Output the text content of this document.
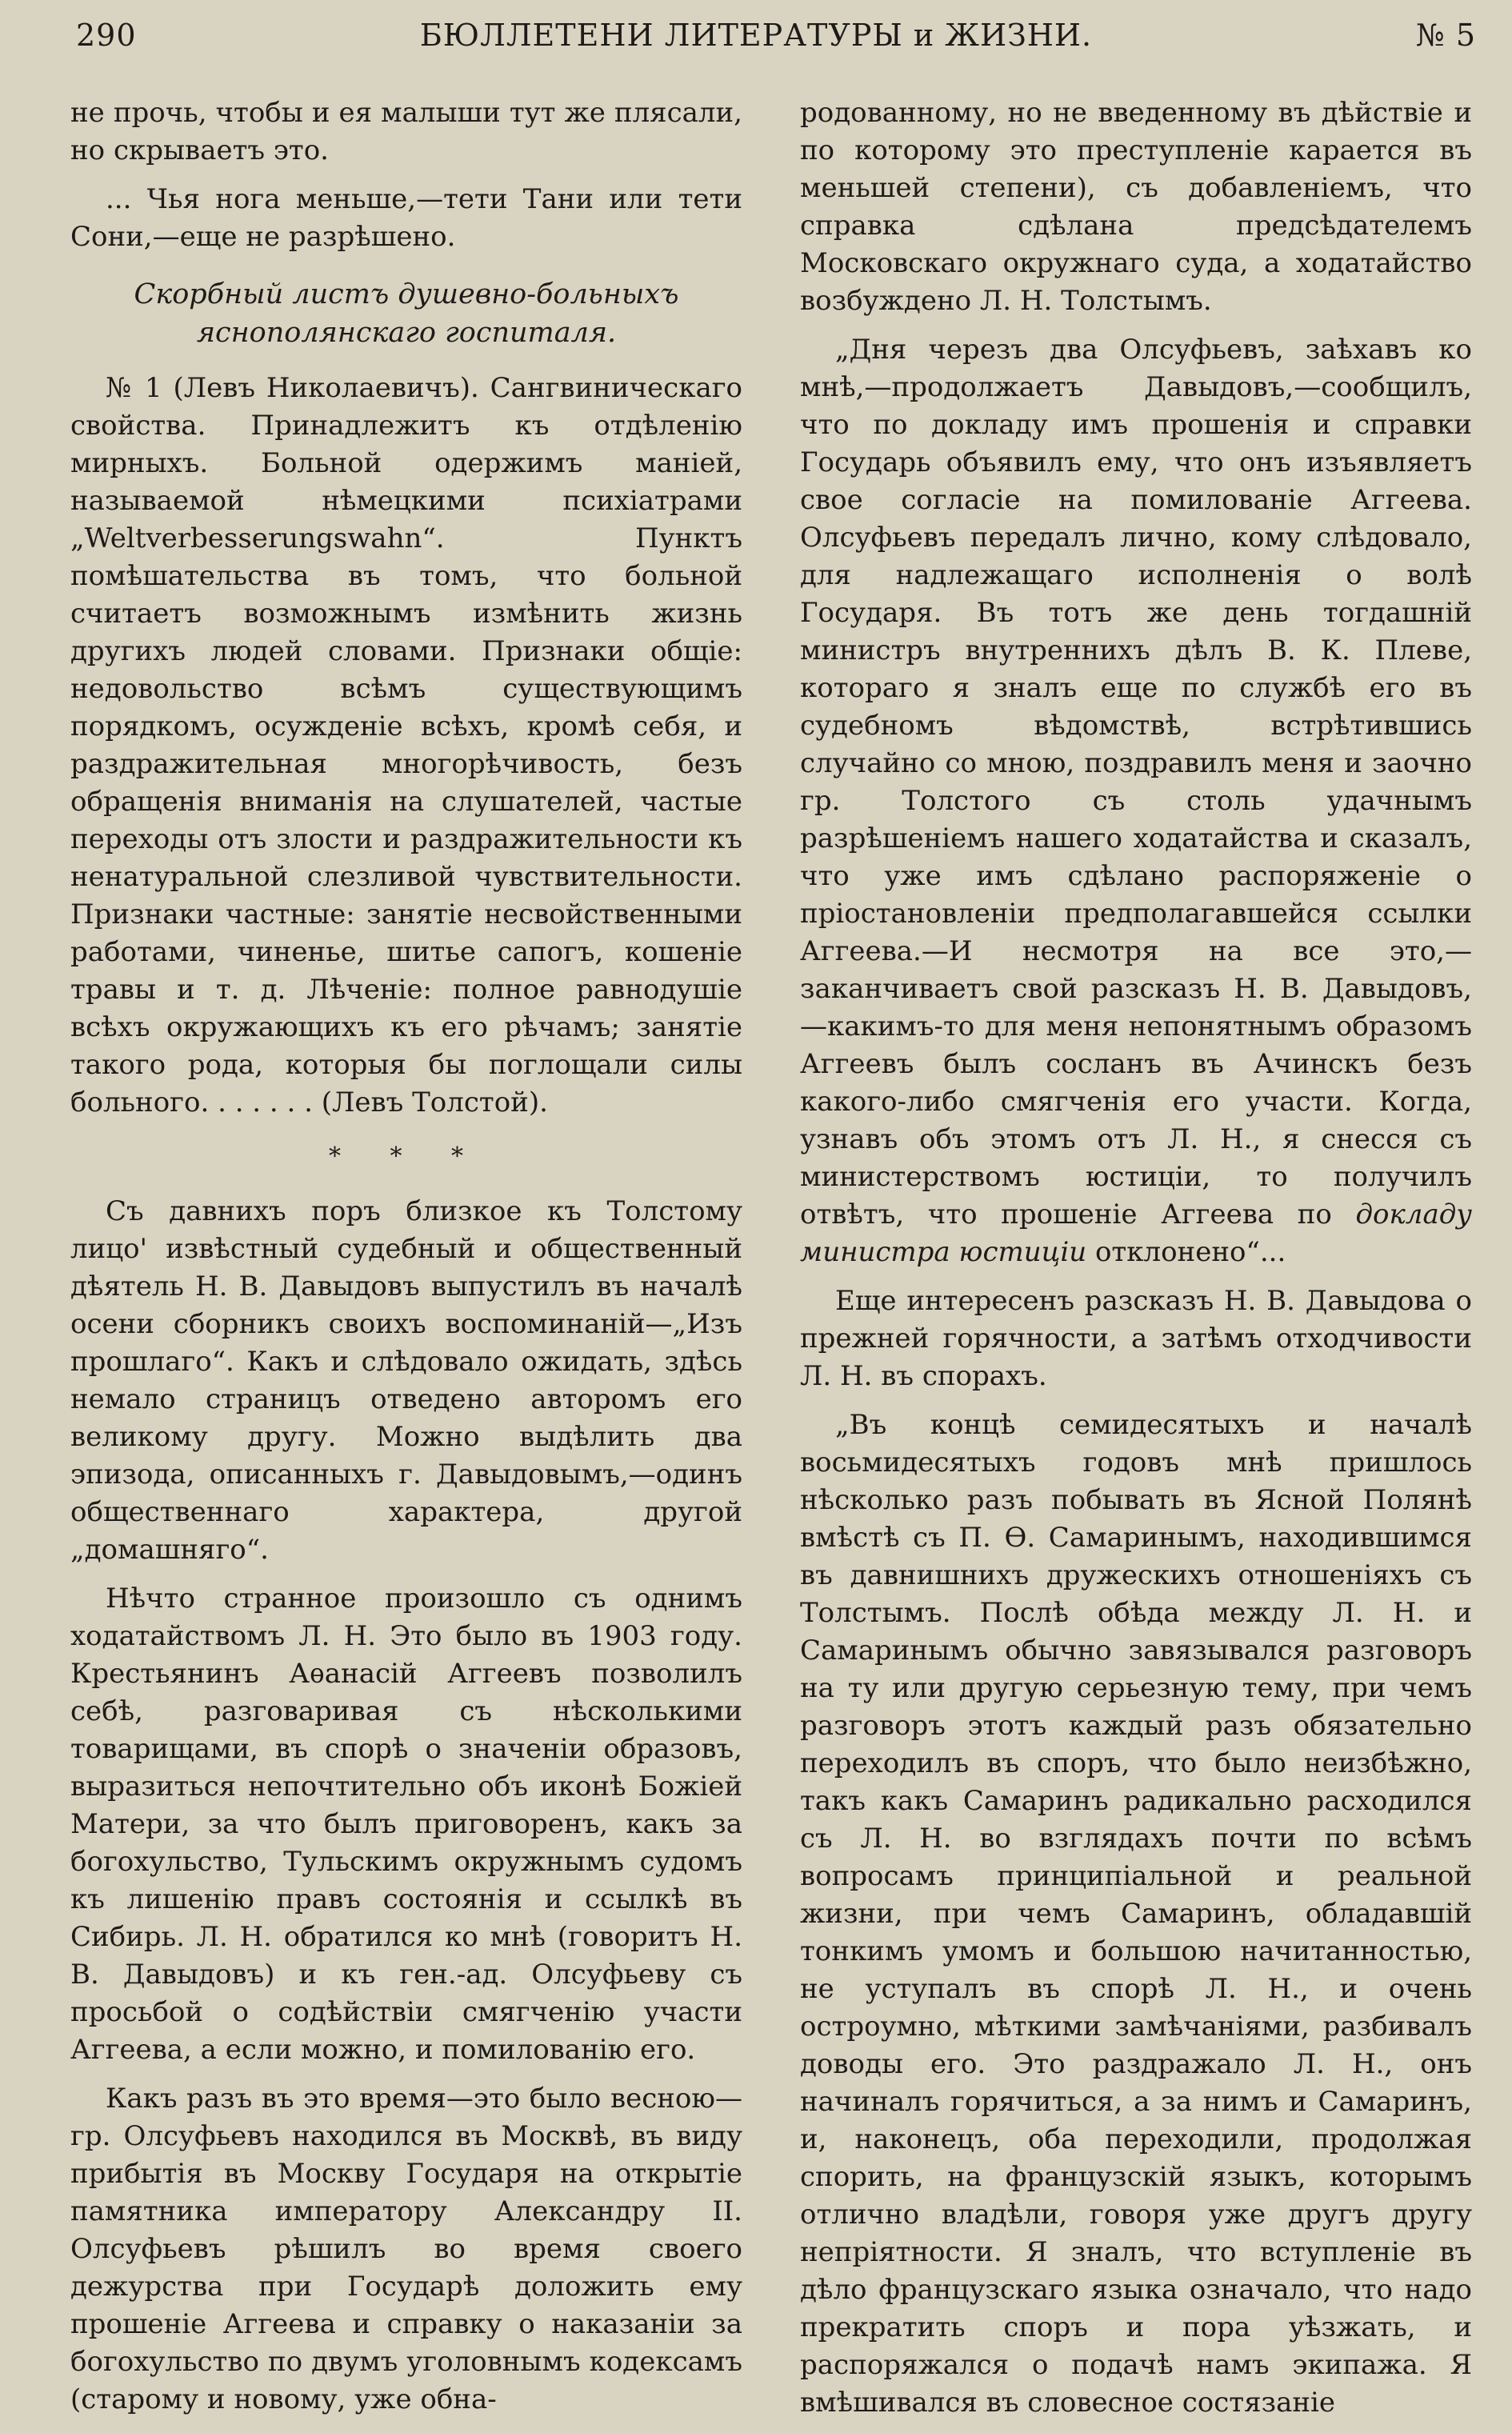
290	БЮЛЛЕТЕНИ ЛИТЕРАТУРЫ и ЖИЗНИ.	№ 5

не прочь, чтобы и ея малыши тут же плясали, но скрываетъ это.

... Чья нога меньше,—тети Тани или тети Сони,—еще не разрѣшено.

Скорбный листъ душевно-больныхъ яснополянскаго госпиталя.

№ 1 (Левъ Николаевичъ). Сангвиническаго свойства. Принадлежитъ къ отдѣленію мирныхъ. Больной одержимъ маніей, называемой нѣмецкими психіатрами „Weltverbesserungswahn“. Пунктъ помѣшательства въ томъ, что больной считаетъ возможнымъ измѣнить жизнь другихъ людей словами. Признаки общіе: недовольство всѣмъ существующимъ порядкомъ, осужденіе всѣхъ, кромѣ себя, и раздражительная многорѣчивость, безъ обращенія вниманія на слушателей, частые переходы отъ злости и раздражительности къ ненатуральной слезливой чувствительности. Признаки частные: занятіе несвойственными работами, чиненье, шитье сапогъ, кошеніе травы и т. д. Лѣченіе: полное равнодушіе всѣхъ окружающихъ къ его рѣчамъ; занятіе такого рода, которыя бы поглощали силы больного. . . . . . . (Левъ Толстой).

* * *

Съ давнихъ поръ близкое къ Толстому лицо' извѣстный судебный и общественный дѣятель Н. В. Давыдовъ выпустилъ въ началѣ осени сборникъ своихъ воспоминаній—„Изъ прошлаго“. Какъ и слѣдовало ожидать, здѣсь немало страницъ отведено авторомъ его великому другу. Можно выдѣлить два эпизода, описанныхъ г. Давыдовымъ,—одинъ общественнаго характера, другой „домашняго“.

Нѣчто странное произошло съ однимъ ходатайствомъ Л. Н. Это было въ 1903 году. Крестьянинъ Аѳанасій Аггеевъ позволилъ себѣ, разговаривая съ нѣсколькими товарищами, въ спорѣ о значеніи образовъ, выразиться непочтительно объ иконѣ Божіей Матери, за что былъ приговоренъ, какъ за богохульство, Тульскимъ окружнымъ судомъ къ лишенію правъ состоянія и ссылкѣ въ Сибирь. Л. Н. обратился ко мнѣ (говоритъ Н. В. Давыдовъ) и къ ген.-ад. Олсуфьеву съ просьбой о содѣйствіи смягченію участи Аггеева, а если можно, и помилованію его.

Какъ разъ въ это время—это было весною—гр. Олсуфьевъ находился въ Москвѣ, въ виду прибытія въ Москву Государя на открытіе памятника императору Александру II. Олсуфьевъ рѣшилъ во время своего дежурства при Государѣ доложить ему прошеніе Аггеева и справку о наказаніи за богохульство по двумъ уголовнымъ кодексамъ (старому и новому, уже обна-

родованному, но не введенному въ дѣйствіе и по которому это преступленіе карается въ меньшей степени), съ добавленіемъ, что справка сдѣлана предсѣдателемъ Московскаго окружнаго суда, а ходатайство возбуждено Л. Н. Толстымъ.

„Дня черезъ два Олсуфьевъ, заѣхавъ ко мнѣ,—продолжаетъ Давыдовъ,—сообщилъ, что по докладу имъ прошенія и справки Государь объявилъ ему, что онъ изъявляетъ свое согласіе на помилованіе Аггеева. Олсуфьевъ передалъ лично, кому слѣдовало, для надлежащаго исполненія о волѣ Государя. Въ тотъ же день тогдашній министръ внутреннихъ дѣлъ В. К. Плеве, котораго я зналъ еще по службѣ его въ судебномъ вѣдомствѣ, встрѣтившись случайно со мною, поздравилъ меня и заочно гр. Толстого съ столь удачнымъ разрѣшеніемъ нашего ходатайства и сказалъ, что уже имъ сдѣлано распоряженіе о пріостановленіи предполагавшейся ссылки Аггеева.—И несмотря на все это,—заканчиваетъ свой разсказъ Н. В. Давыдовъ,—какимъ-то для меня непонятнымъ образомъ Аггеевъ былъ сосланъ въ Ачинскъ безъ какого-либо смягченія его участи. Когда, узнавъ объ этомъ отъ Л. Н., я снесся съ министерствомъ юстиціи, то получилъ отвѣтъ, что прошеніе Аггеева по докладу министра юстиціи отклонено“...

Еще интересенъ разсказъ Н. В. Давыдова о прежней горячности, а затѣмъ отходчивости Л. Н. въ спорахъ.

„Въ концѣ семидесятыхъ и началѣ восьмидесятыхъ годовъ мнѣ пришлось нѣсколько разъ побывать въ Ясной Полянѣ вмѣстѣ съ П. Ѳ. Самаринымъ, находившимся въ давнишнихъ дружескихъ отношеніяхъ съ Толстымъ. Послѣ обѣда между Л. Н. и Самаринымъ обычно завязывался разговоръ на ту или другую серьезную тему, при чемъ разговоръ этотъ каждый разъ обязательно переходилъ въ споръ, что было неизбѣжно, такъ какъ Самаринъ радикально расходился съ Л. Н. во взглядахъ почти по всѣмъ вопросамъ принципіальной и реальной жизни, при чемъ Самаринъ, обладавшій тонкимъ умомъ и большою начитанностью, не уступалъ въ спорѣ Л. Н., и очень остроумно, мѣткими замѣчаніями, разбивалъ доводы его. Это раздражало Л. Н., онъ начиналъ горячиться, а за нимъ и Самаринъ, и, наконецъ, оба переходили, продолжая спорить, на французскій языкъ, которымъ отлично владѣли, говоря уже другъ другу непріятности. Я зналъ, что вступленіе въ дѣло французскаго языка означало, что надо прекратить споръ и пора уѣзжать, и распоряжался о подачѣ намъ экипажа. Я вмѣшивался въ словесное состязаніе
